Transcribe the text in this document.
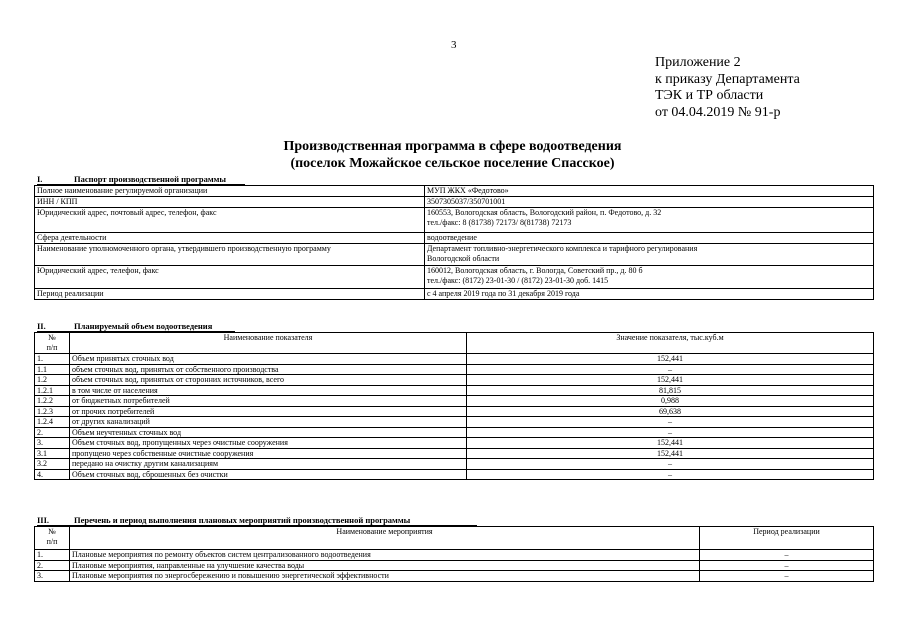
3
Приложение 2
к приказу Департамента
ТЭК и ТР области
от 04.04.2019 № 91-р
Производственная программа в сфере водоотведения
(поселок Можайское сельское поселение Спасское)
I.	Паспорт производственной программы
Полное наименование регулируемой организации	МУП ЖКХ «Федотово»
ИНН / КПП	3507305037/350701001
Юридический адрес, почтовый адрес, телефон, факс	160553, Вологодская область, Вологодский район, п. Федотово, д. 32
тел./факс: 8 (81738) 72173/ 8(81738) 72173

Сфера деятельности	водоотведение
Наименование уполномоченного органа, утвердившего производственную программу	Департамент топливно-энергетического комплекса и тарифного регулирования
Вологодской области

Юридический адрес, телефон, факс	160012, Вологодская область, г. Вологда, Советский пр., д. 80 б
тел./факс: (8172) 23-01-30 / (8172) 23-01-30 доб. 1415

Период реализации	с 4 апреля 2019 года по 31 декабря 2019 года
II.	Планируемый объем водоотведения
№
п/п	Наименование показателя	Значение показателя, тыс.куб.м
1.	Объем принятых сточных вод	152,441
1.1	объем сточных вод, принятых от собственного производства	–
1.2	объем сточных вод, принятых от сторонних источников, всего	152,441
1.2.1	в том числе от населения	81,815
1.2.2	от бюджетных потребителей	0,988
1.2.3	от прочих потребителей	69,638
1.2.4	от других канализаций	–
2.	Объем неучтенных сточных вод	–
3.	Объем сточных вод, пропущенных через очистные сооружения	152,441
3.1	пропущено через собственные очистные сооружения	152,441
3.2	передано на очистку другим канализациям	–
4.	Объем сточных вод, сброшенных без очистки	–
III.	Перечень и период выполнения плановых мероприятий производственной программы
№
п/п	Наименование мероприятия	Период реализации
1.	Плановые мероприятия по ремонту объектов систем централизованного водоотведения	–
2.	Плановые мероприятия, направленные на улучшение качества воды	–
3.	Плановые мероприятия по энергосбережению и повышению энергетической эффективности	–
